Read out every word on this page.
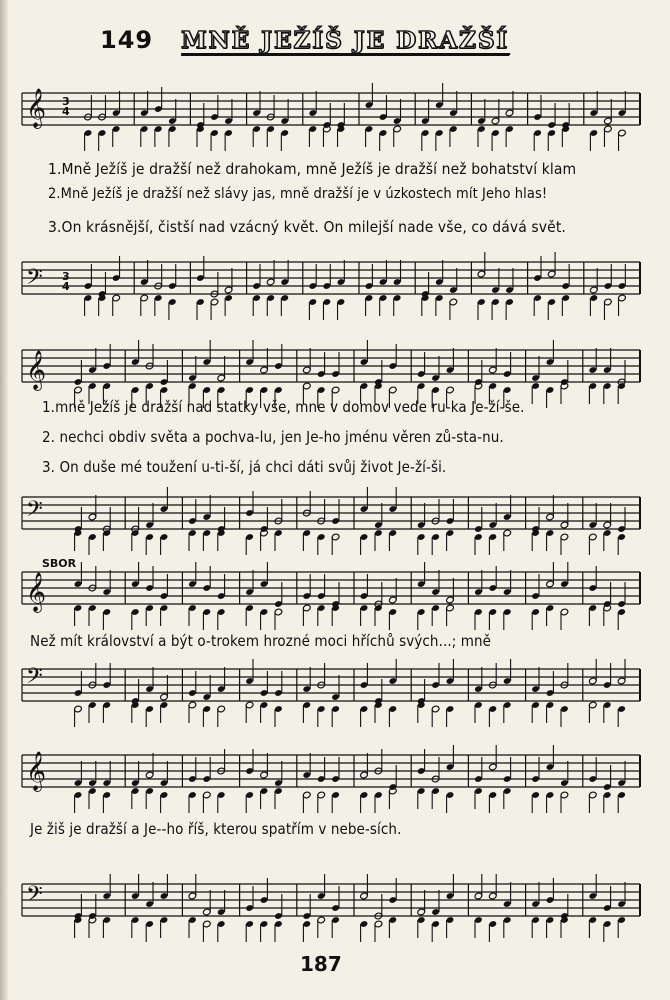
149 MNĚ JEŽÍŠ JE DRAŽŠÍ
𝄞
𝄢
𝄞
𝄢
𝄞
𝄢
𝄞
𝄢
3
4
3
4
1.Mně Ježíš je dražší než drahokam, mně Ježíš je dražší než bohatství klam
2.Mně Ježíš je dražší než slávy jas, mně dražší je v úzkostech mít Jeho hlas!
3.On krásnější, čistší nad vzácný květ. On milejší nade vše, co dává svět.
1.mně Ježíš je dražší nad statky vše, mne v domov vede ru-ka Je-ží-še.
2. nechci obdiv světa a pochva-lu, jen Je-ho jménu věren zů-sta-nu.
3. On duše mé toužení u-ti-ší, já chci dáti svůj život Je-ží-ši.
SBOR
Než mít království a být o-trokem hrozné moci hříchů svých...; mně
Je žiš je dražší a Je--ho říš, kterou spatřím v nebe-sích.
187
